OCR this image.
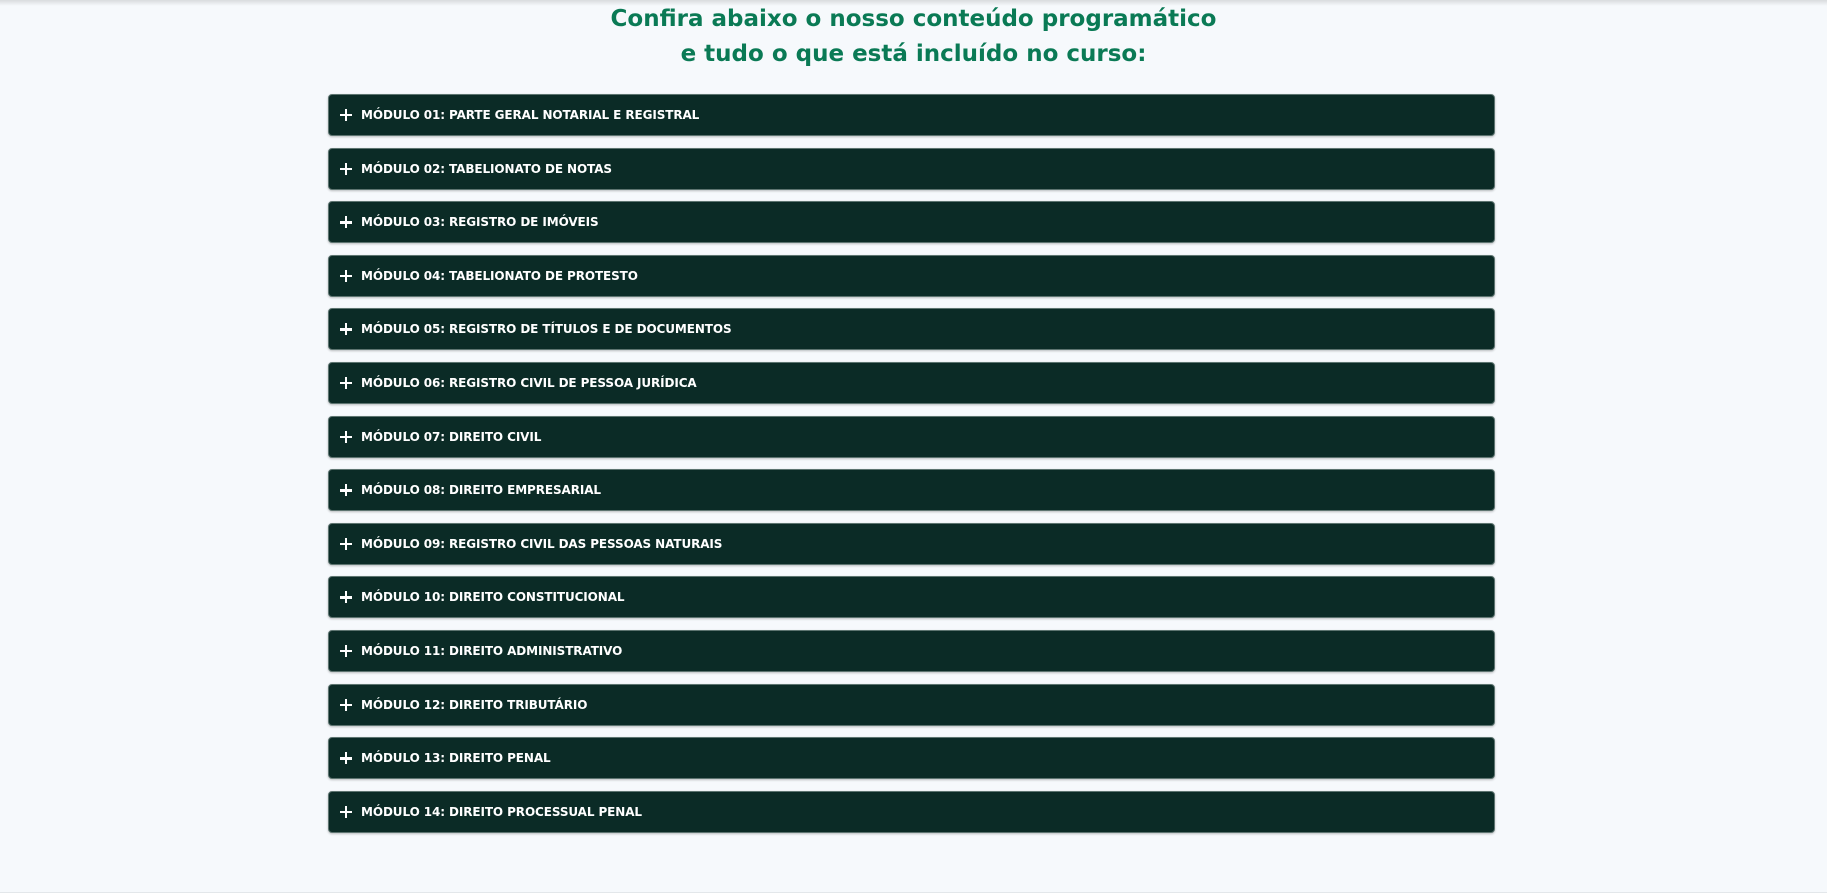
Confira abaixo o nosso conteúdo programático
e tudo o que está incluído no curso:
MÓDULO 01: PARTE GERAL NOTARIAL E REGISTRAL
MÓDULO 02: TABELIONATO DE NOTAS
MÓDULO 03: REGISTRO DE IMÓVEIS
MÓDULO 04: TABELIONATO DE PROTESTO
MÓDULO 05: REGISTRO DE TÍTULOS E DE DOCUMENTOS
MÓDULO 06: REGISTRO CIVIL DE PESSOA JURÍDICA
MÓDULO 07: DIREITO CIVIL
MÓDULO 08: DIREITO EMPRESARIAL
MÓDULO 09: REGISTRO CIVIL DAS PESSOAS NATURAIS
MÓDULO 10: DIREITO CONSTITUCIONAL
MÓDULO 11: DIREITO ADMINISTRATIVO
MÓDULO 12: DIREITO TRIBUTÁRIO
MÓDULO 13: DIREITO PENAL
MÓDULO 14: DIREITO PROCESSUAL PENAL
